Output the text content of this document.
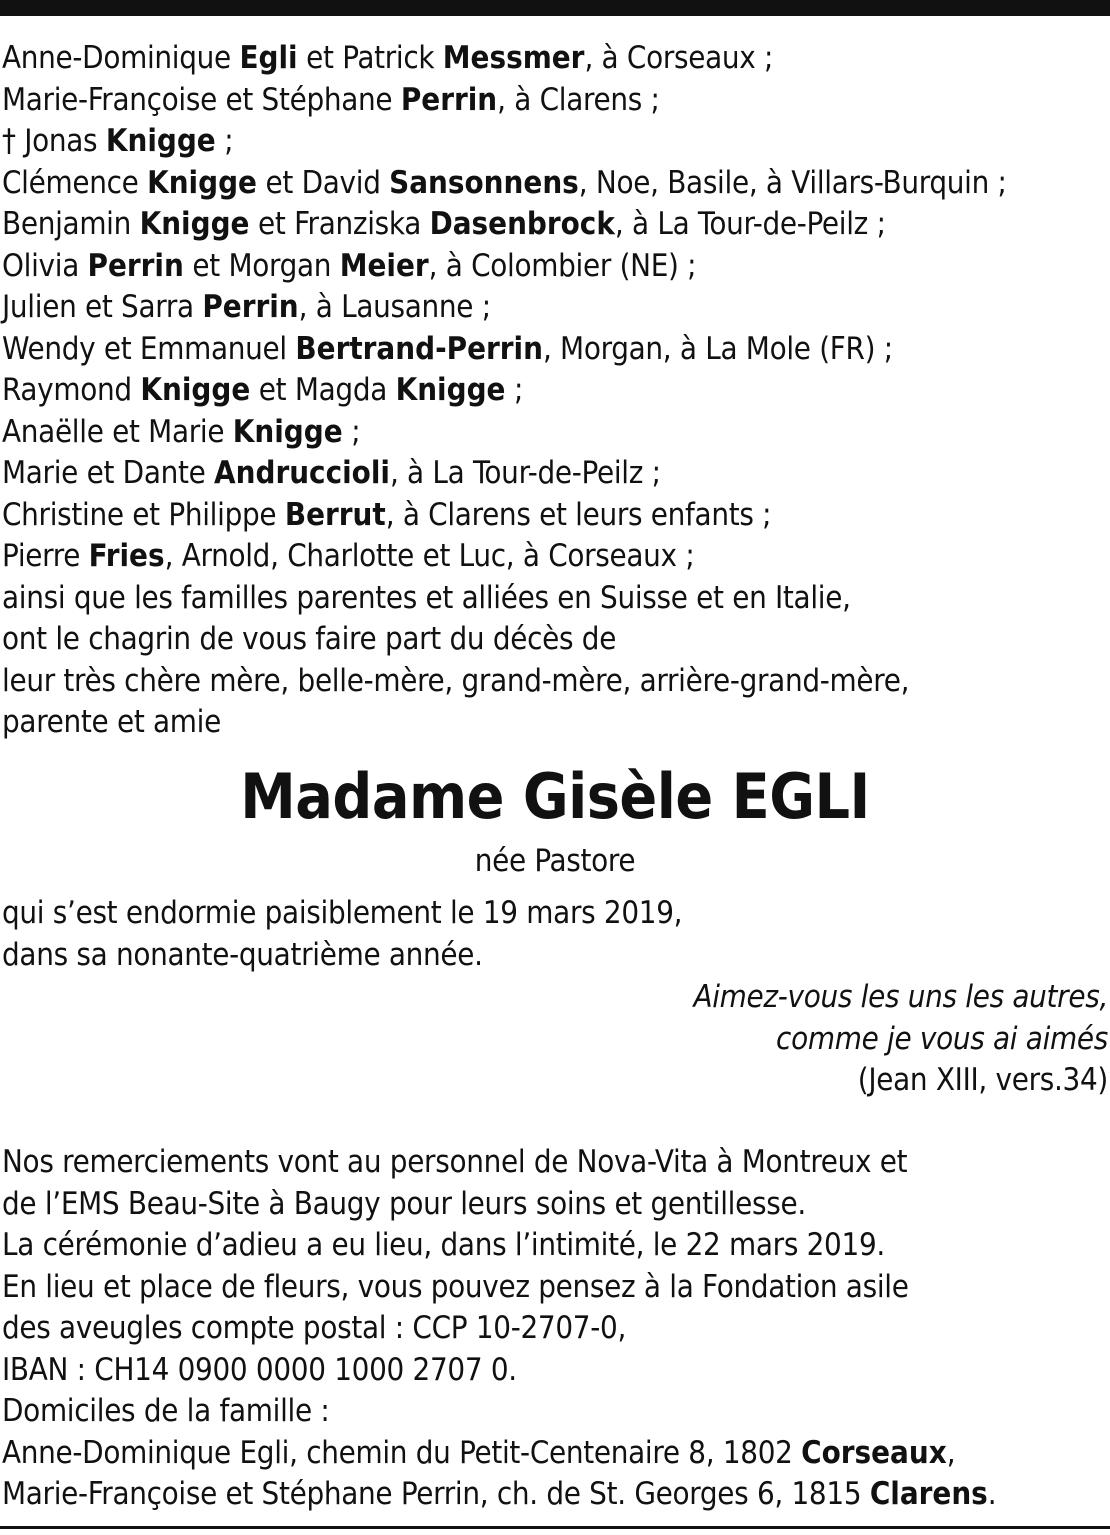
Anne-Dominique Egli et Patrick Messmer, à Corseaux ;
Marie-Françoise et Stéphane Perrin, à Clarens ;
† Jonas Knigge ;
Clémence Knigge et David Sansonnens, Noe, Basile, à Villars-Burquin ;
Benjamin Knigge et Franziska Dasenbrock, à La Tour-de-Peilz ;
Olivia Perrin et Morgan Meier, à Colombier (NE) ;
Julien et Sarra Perrin, à Lausanne ;
Wendy et Emmanuel Bertrand-Perrin, Morgan, à La Mole (FR) ;
Raymond Knigge et Magda Knigge ;
Anaëlle et Marie Knigge ;
Marie et Dante Andruccioli, à La Tour-de-Peilz ;
Christine et Philippe Berrut, à Clarens et leurs enfants ;
Pierre Fries, Arnold, Charlotte et Luc, à Corseaux ;
ainsi que les familles parentes et alliées en Suisse et en Italie,
ont le chagrin de vous faire part du décès de
leur très chère mère, belle-mère, grand-mère, arrière-grand-mère,
parente et amie
Madame Gisèle EGLI
née Pastore
qui s’est endormie paisiblement le 19 mars 2019,
dans sa nonante-quatrième année.
Aimez-vous les uns les autres,
comme je vous ai aimés
(Jean XIII, vers.34)
Nos remerciements vont au personnel de Nova-Vita à Montreux et
de l’EMS Beau-Site à Baugy pour leurs soins et gentillesse.
La cérémonie d’adieu a eu lieu, dans l’intimité, le 22 mars 2019.
En lieu et place de fleurs, vous pouvez pensez à la Fondation asile
des aveugles compte postal : CCP 10-2707-0,
IBAN : CH14 0900 0000 1000 2707 0.
Domiciles de la famille :
Anne-Dominique Egli, chemin du Petit-Centenaire 8, 1802 Corseaux,
Marie-Françoise et Stéphane Perrin, ch. de St. Georges 6, 1815 Clarens.
